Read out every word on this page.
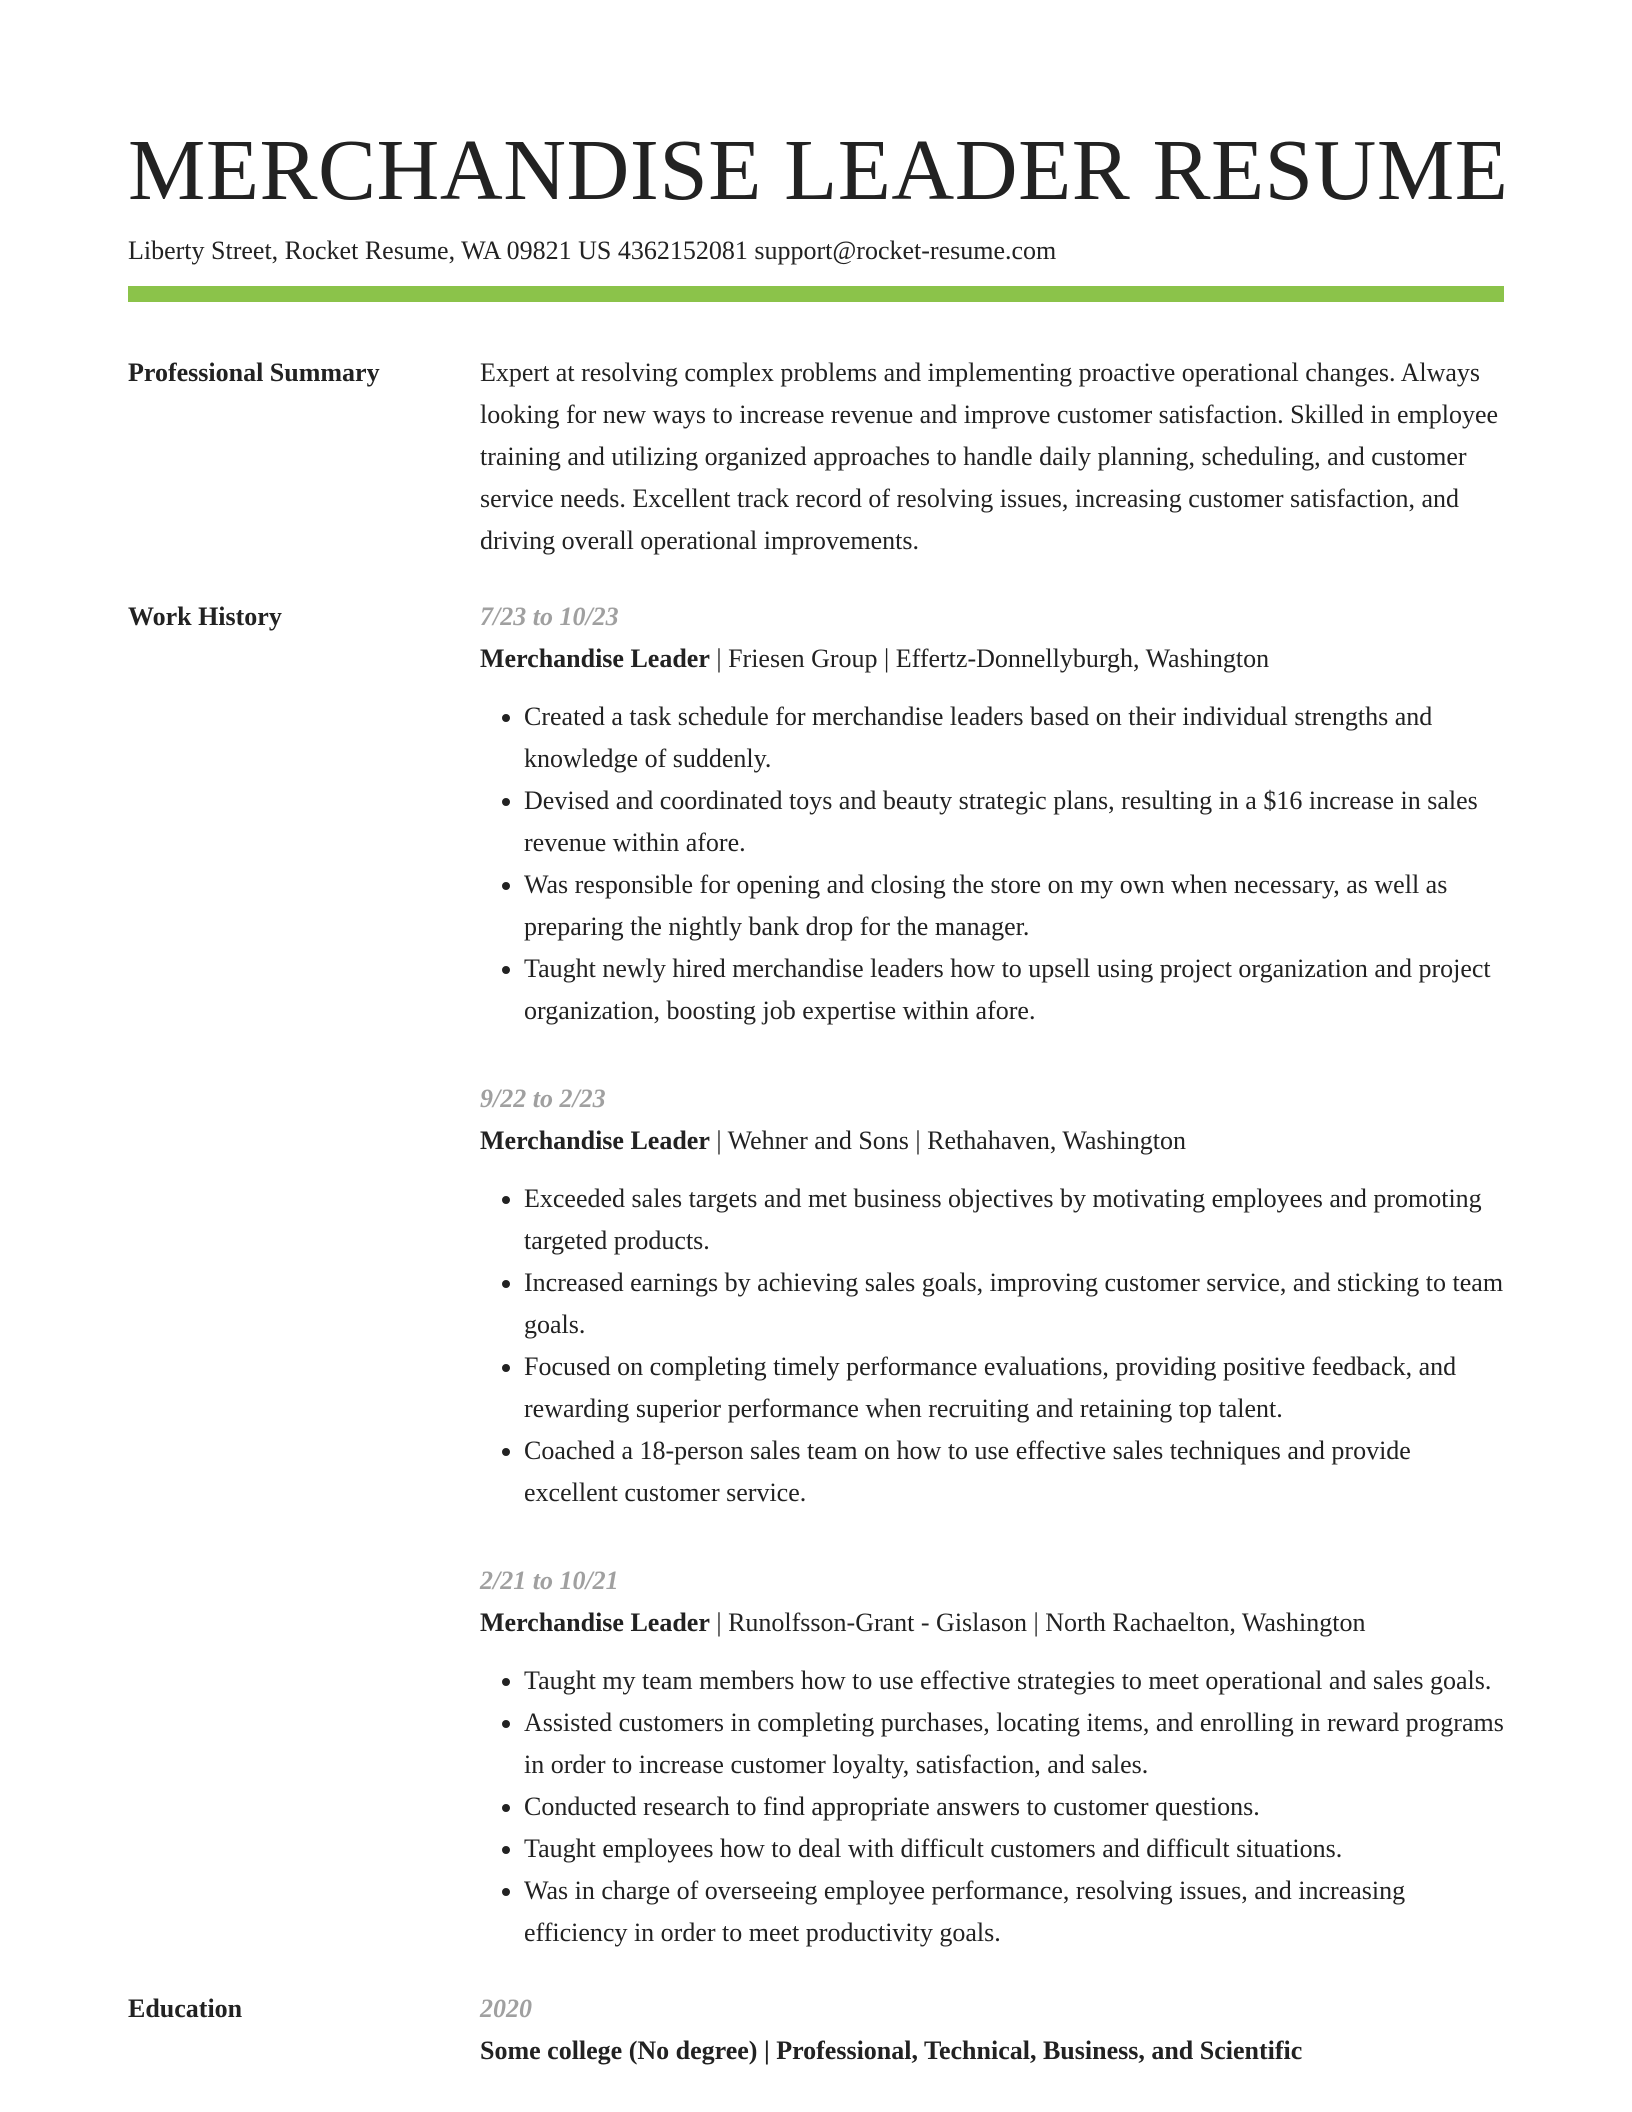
MERCHANDISE LEADER RESUME
Liberty Street, Rocket Resume, WA 09821 US 4362152081 support@rocket-resume.com
Professional Summary	Expert at resolving complex problems and implementing proactive operational changes. Always looking for new ways to increase revenue and improve customer satisfaction. Skilled in employee training and utilizing organized approaches to handle daily planning, scheduling, and customer service needs. Excellent track record of resolving issues, increasing customer satisfaction, and driving overall operational improvements.
Work History	7/23 to 10/23
Merchandise Leader | Friesen Group | Effertz-Donnellyburgh, Washington
• Created a task schedule for merchandise leaders based on their individual strengths and knowledge of suddenly.
• Devised and coordinated toys and beauty strategic plans, resulting in a $16 increase in sales revenue within afore.
• Was responsible for opening and closing the store on my own when necessary, as well as preparing the nightly bank drop for the manager.
• Taught newly hired merchandise leaders how to upsell using project organization and project organization, boosting job expertise within afore.
9/22 to 2/23
Merchandise Leader | Wehner and Sons | Rethahaven, Washington
• Exceeded sales targets and met business objectives by motivating employees and promoting targeted products.
• Increased earnings by achieving sales goals, improving customer service, and sticking to team goals.
• Focused on completing timely performance evaluations, providing positive feedback, and rewarding superior performance when recruiting and retaining top talent.
• Coached a 18-person sales team on how to use effective sales techniques and provide excellent customer service.
2/21 to 10/21
Merchandise Leader | Runolfsson-Grant - Gislason | North Rachaelton, Washington
• Taught my team members how to use effective strategies to meet operational and sales goals.
• Assisted customers in completing purchases, locating items, and enrolling in reward programs in order to increase customer loyalty, satisfaction, and sales.
• Conducted research to find appropriate answers to customer questions.
• Taught employees how to deal with difficult customers and difficult situations.
• Was in charge of overseeing employee performance, resolving issues, and increasing efficiency in order to meet productivity goals.
Education	2020
Some college (No degree) | Professional, Technical, Business, and Scientific
